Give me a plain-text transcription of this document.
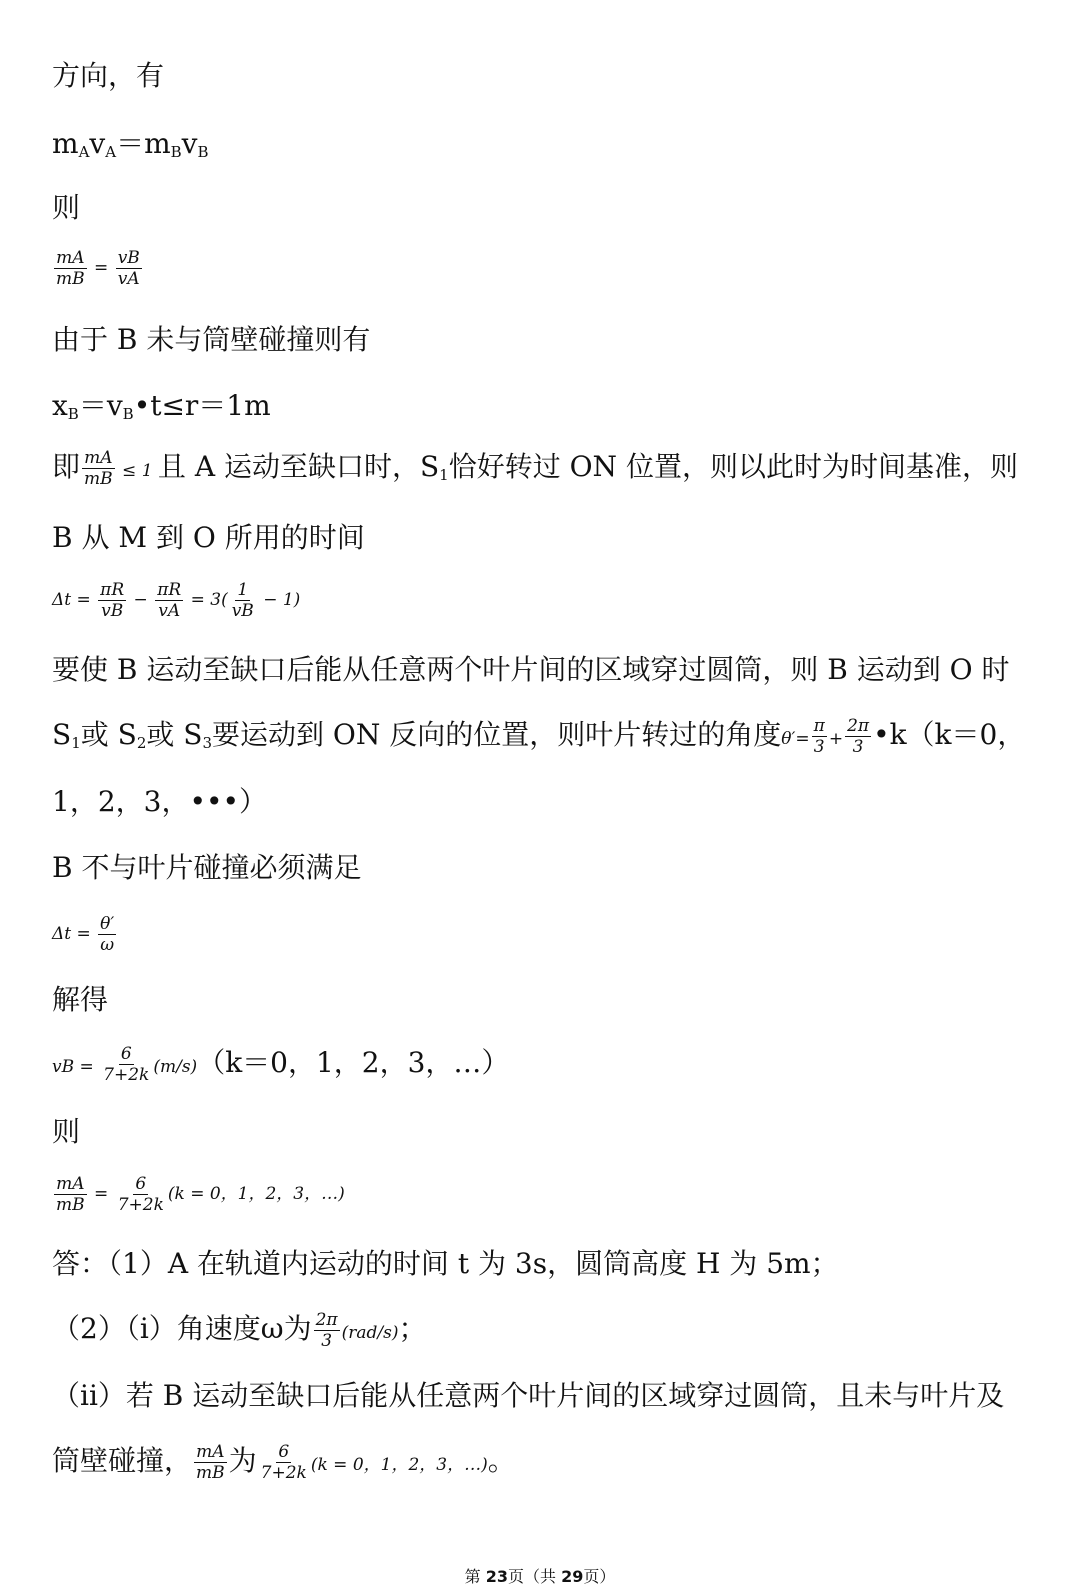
方向，有
$m_Av_A=m_Bv_B$
则
$\frac{mA}{mB} = \frac{vB}{vA}$
由于 B 未与筒壁碰撞则有
$x_B=v_B•t\le r=1m$
即 $\frac{mA}{mB} \le 1$ 且 A 运动至缺口时，$S_1$恰好转过 ON 位置，则以此时为时间基准，则
B 从 M 到 O 所用的时间
$\Delta t = \frac{\pi R}{vB} - \frac{\pi R}{vA} = 3( \frac{1}{vB} - 1)$
要使 B 运动至缺口后能从任意两个叶片间的区域穿过圆筒，则 B 运动到 O 时
$S_1$或 $S_2$或 $S_3$要运动到 ON 反向的位置，则叶片转过的角度$\theta'= \frac{\pi}{3} + \frac{2\pi}{3}$ •k（k＝0，
1，2，3，•••）
B 不与叶片碰撞必须满足
$\Delta t = \frac{\theta'}{\omega}$
解得
vB = $\frac{6}{7+2k} (m/s)(k=0$，1，2，3，…）
则
$\frac{mA}{mB} = \frac{6}{7+2k} (k = 0$，1，2，3，…)
答：（1）A 在轨道内运动的时间 t 为 3s，圆筒高度 H 为 5m；
（2）（ⅰ）角速度ω为 $\frac{2\pi}{3} (rad/s)$；
（ii）若 B 运动至缺口后能从任意两个叶片间的区域穿过圆筒，且未与叶片及
筒壁碰撞， $\frac{mA}{mB}$ 为 $\frac{6}{7+2k} (k = 0$，1，2，3，…)。
第 23页（共 29页）
